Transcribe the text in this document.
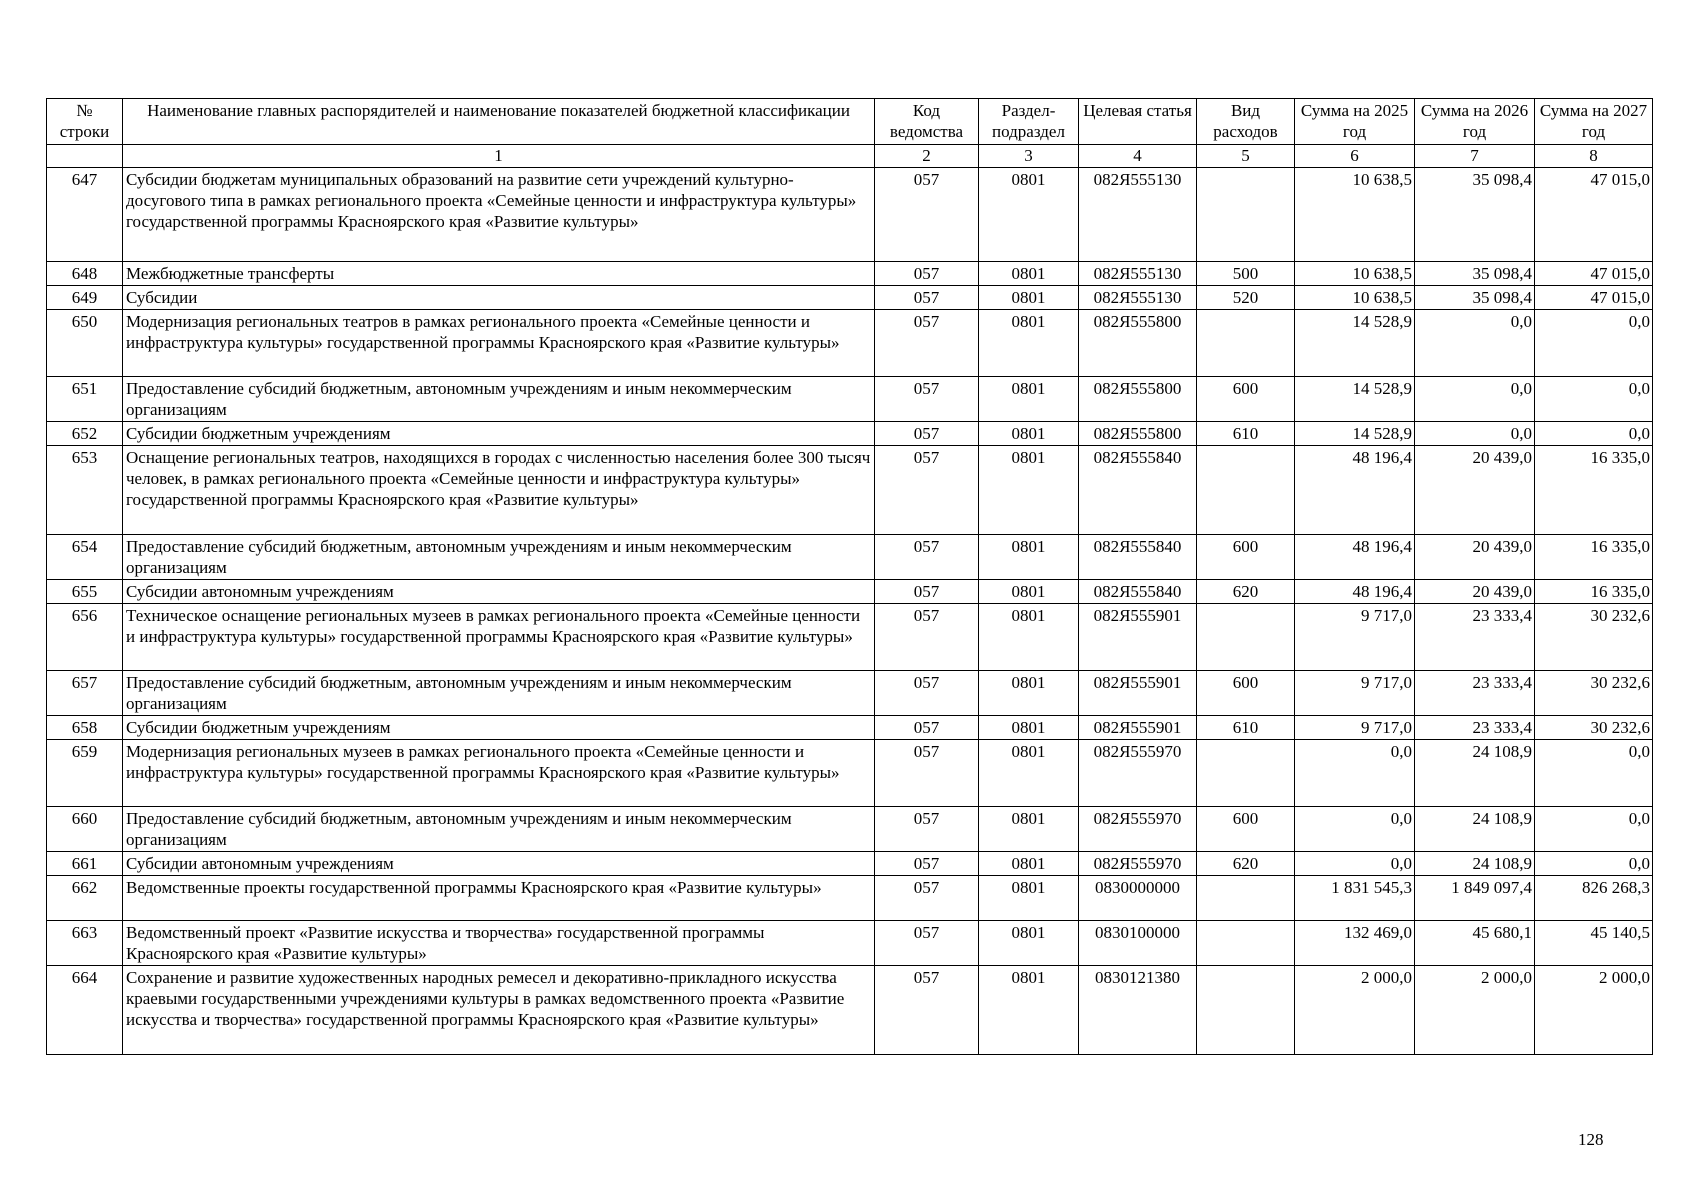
№ строки	Наименование главных распорядителей и наименование показателей бюджетной классификации	Код ведомства	Раздел-подраздел	Целевая статья	Вид расходов	Сумма на 2025 год	Сумма на 2026 год	Сумма на 2027 год
	1	2	3	4	5	6	7	8
647	Субсидии бюджетам муниципальных образований на развитие сети учреждений культурно-досугового типа в рамках регионального проекта «Семейные ценности и инфраструктура культуры» государственной программы Красноярского края «Развитие культуры»	057	0801	082Я555130		10 638,5	35 098,4	47 015,0
648	Межбюджетные трансферты	057	0801	082Я555130	500	10 638,5	35 098,4	47 015,0
649	Субсидии	057	0801	082Я555130	520	10 638,5	35 098,4	47 015,0
650	Модернизация региональных театров в рамках регионального проекта «Семейные ценности и инфраструктура культуры» государственной программы Красноярского края «Развитие культуры»	057	0801	082Я555800		14 528,9	0,0	0,0
651	Предоставление субсидий бюджетным, автономным учреждениям и иным некоммерческим организациям	057	0801	082Я555800	600	14 528,9	0,0	0,0
652	Субсидии бюджетным учреждениям	057	0801	082Я555800	610	14 528,9	0,0	0,0
653	Оснащение региональных театров, находящихся в городах с численностью населения более 300 тысяч человек, в рамках регионального проекта «Семейные ценности и инфраструктура культуры» государственной программы Красноярского края «Развитие культуры»	057	0801	082Я555840		48 196,4	20 439,0	16 335,0
654	Предоставление субсидий бюджетным, автономным учреждениям и иным некоммерческим организациям	057	0801	082Я555840	600	48 196,4	20 439,0	16 335,0
655	Субсидии автономным учреждениям	057	0801	082Я555840	620	48 196,4	20 439,0	16 335,0
656	Техническое оснащение региональных музеев в рамках регионального проекта «Семейные ценности и инфраструктура культуры» государственной программы Красноярского края «Развитие культуры»	057	0801	082Я555901		9 717,0	23 333,4	30 232,6
657	Предоставление субсидий бюджетным, автономным учреждениям и иным некоммерческим организациям	057	0801	082Я555901	600	9 717,0	23 333,4	30 232,6
658	Субсидии бюджетным учреждениям	057	0801	082Я555901	610	9 717,0	23 333,4	30 232,6
659	Модернизация региональных музеев в рамках регионального проекта «Семейные ценности и инфраструктура культуры» государственной программы Красноярского края «Развитие культуры»	057	0801	082Я555970		0,0	24 108,9	0,0
660	Предоставление субсидий бюджетным, автономным учреждениям и иным некоммерческим организациям	057	0801	082Я555970	600	0,0	24 108,9	0,0
661	Субсидии автономным учреждениям	057	0801	082Я555970	620	0,0	24 108,9	0,0
662	Ведомственные проекты государственной программы Красноярского края «Развитие культуры»	057	0801	0830000000		1 831 545,3	1 849 097,4	826 268,3
663	Ведомственный проект «Развитие искусства и творчества» государственной программы Красноярского края «Развитие культуры»	057	0801	0830100000		132 469,0	45 680,1	45 140,5
664	Сохранение и развитие художественных народных ремесел и декоративно-прикладного искусства краевыми государственными учреждениями культуры в рамках ведомственного проекта «Развитие искусства и творчества» государственной программы Красноярского края «Развитие культуры»	057	0801	0830121380		2 000,0	2 000,0	2 000,0
128
